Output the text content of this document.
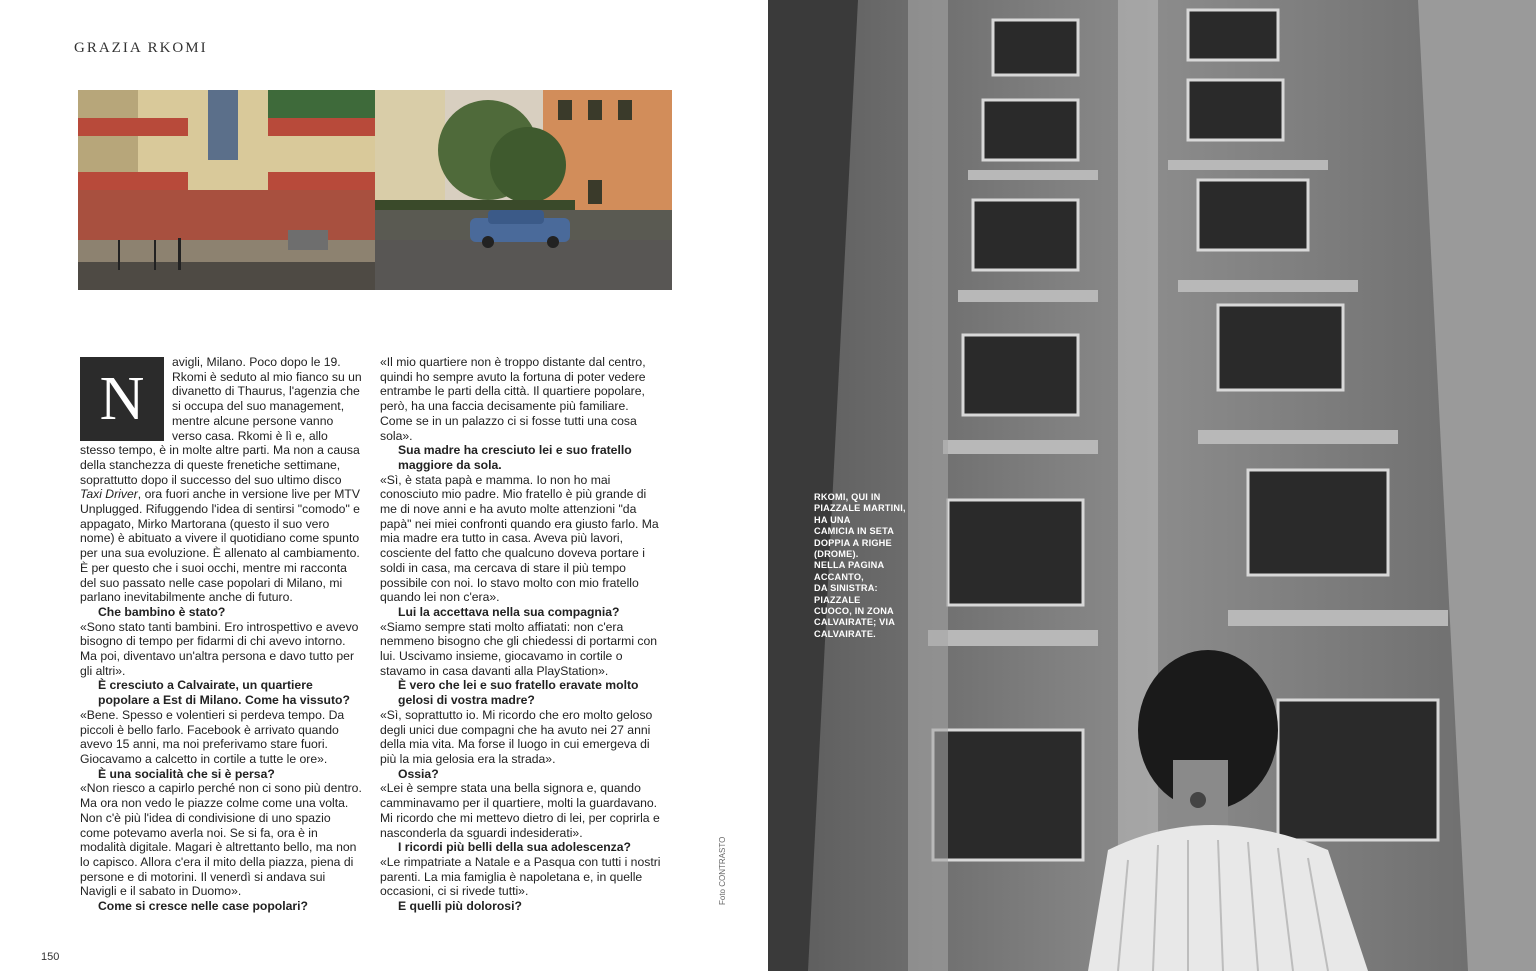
GRAZIA RKOMI
N

avigli, Milano. Poco dopo le 19. Rkomi è seduto al mio fianco su un divanetto di Thaurus, l'agenzia che si occupa del suo management, mentre alcune persone vanno verso casa. Rkomi è lì e, allo stesso tempo, è in molte altre parti. Ma non a causa della stanchezza di queste frenetiche settimane, soprattutto dopo il successo del suo ultimo disco Taxi Driver, ora fuori anche in versione live per MTV Unplugged. Rifuggendo l'idea di sentirsi "comodo" e appagato, Mirko Martorana (questo il suo vero nome) è abituato a vivere il quotidiano come spunto per una sua evoluzione. È allenato al cambiamento. È per questo che i suoi occhi, mentre mi racconta del suo passato nelle case popolari di Milano, mi parlano inevitabilmente anche di futuro.

Che bambino è stato?

«Sono stato tanti bambini. Ero introspettivo e avevo bisogno di tempo per fidarmi di chi avevo intorno. Ma poi, diventavo un'altra persona e davo tutto per gli altri».

È cresciuto a Calvairate, un quartiere popolare a Est di Milano. Come ha vissuto?

«Bene. Spesso e volentieri si perdeva tempo. Da piccoli è bello farlo. Facebook è arrivato quando avevo 15 anni, ma noi preferivamo stare fuori. Giocavamo a calcetto in cortile a tutte le ore».

È una socialità che si è persa?

«Non riesco a capirlo perché non ci sono più dentro. Ma ora non vedo le piazze colme come una volta. Non c'è più l'idea di condivisione di uno spazio come potevamo averla noi. Se si fa, ora è in modalità digitale. Magari è altrettanto bello, ma non lo capisco. Allora c'era il mito della piazza, piena di persone e di motorini. Il venerdì si andava sui Navigli e il sabato in Duomo».

Come si cresce nelle case popolari?

«Il mio quartiere non è troppo distante dal centro, quindi ho sempre avuto la fortuna di poter vedere entrambe le parti della città. Il quartiere popolare, però, ha una faccia decisamente più familiare. Come se in un palazzo ci si fosse tutti una cosa sola».

Sua madre ha cresciuto lei e suo fratello maggiore da sola.

«Sì, è stata papà e mamma. Io non ho mai conosciuto mio padre. Mio fratello è più grande di me di nove anni e ha avuto molte attenzioni "da papà" nei miei confronti quando era giusto farlo. Ma mia madre era tutto in casa. Aveva più lavori, cosciente del fatto che qualcuno doveva portare i soldi in casa, ma cercava di stare il più tempo possibile con noi. Io stavo molto con mio fratello quando lei non c'era».

Lui la accettava nella sua compagnia?

«Siamo sempre stati molto affiatati: non c'era nemmeno bisogno che gli chiedessi di portarmi con lui. Uscivamo insieme, giocavamo in cortile o stavamo in casa davanti alla PlayStation».

È vero che lei e suo fratello eravate molto gelosi di vostra madre?

«Sì, soprattutto io. Mi ricordo che ero molto geloso degli unici due compagni che ha avuto nei 27 anni della mia vita. Ma forse il luogo in cui emergeva di più la mia gelosia era la strada».

Ossia?

«Lei è sempre stata una bella signora e, quando camminavamo per il quartiere, molti la guardavano. Mi ricordo che mi mettevo dietro di lei, per coprirla e nasconderla da sguardi indesiderati».

I ricordi più belli della sua adolescenza?

«Le rimpatriate a Natale e a Pasqua con tutti i nostri parenti. La mia famiglia è napoletana e, in quelle occasioni, ci si rivede tutti».

E quelli più dolorosi?

Foto CONTRASTO
150
RKOMI, QUI IN
PIAZZALE MARTINI,
HA UNA
CAMICIA IN SETA
DOPPIA A RIGHE
(DROME).
NELLA PAGINA
ACCANTO,
DA SINISTRA:
PIAZZALE
CUOCO, IN ZONA
CALVAIRATE; VIA
CALVAIRATE.
